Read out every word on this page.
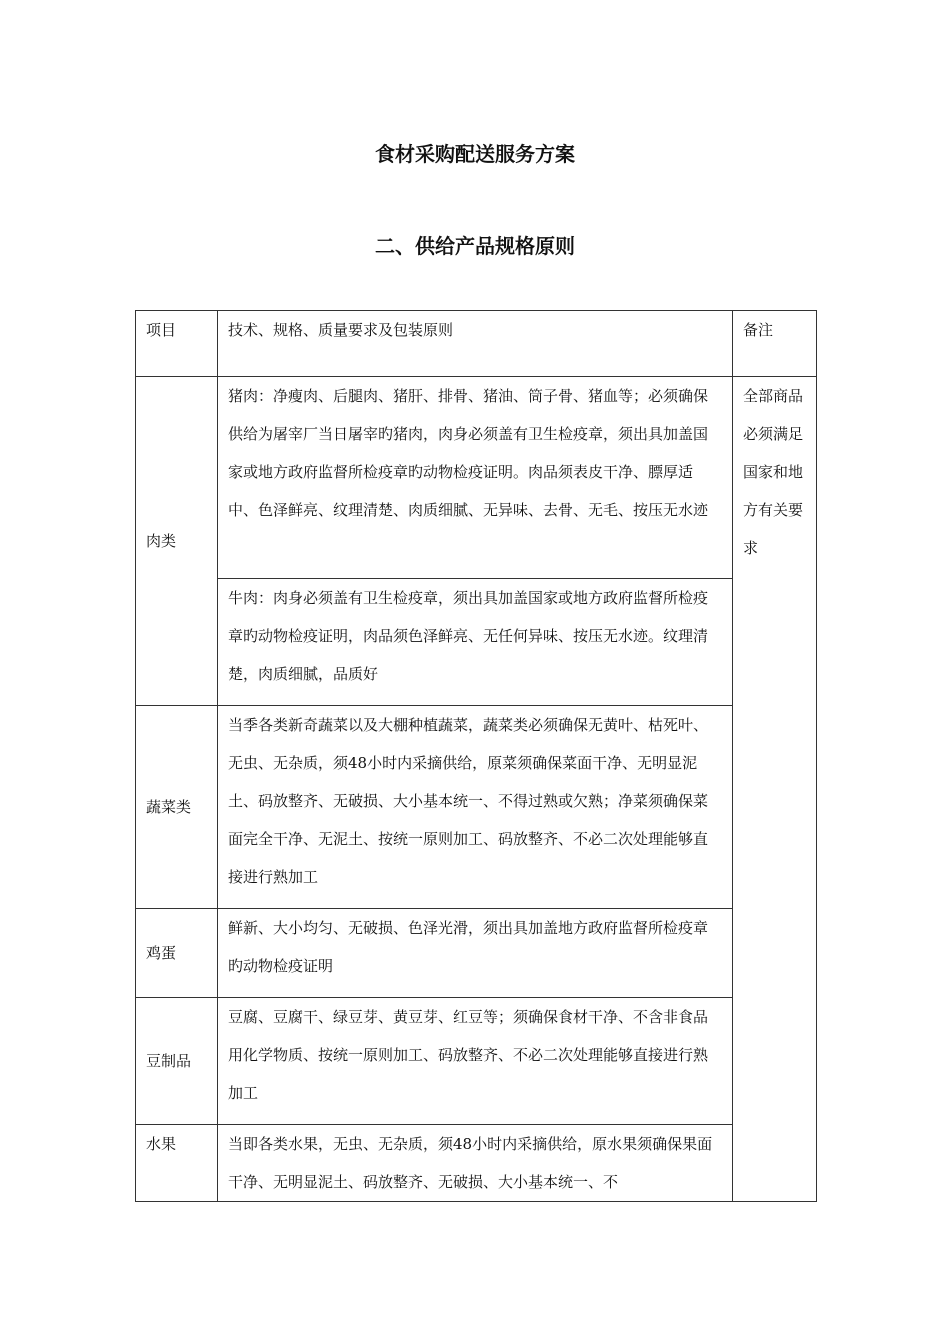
食材采购配送服务方案
二、供给产品规格原则
项目	技术、规格、质量要求及包装原则	备注
肉类	猪肉：净瘦肉、后腿肉、猪肝、排骨、猪油、筒子骨、猪血等；必须确保供给为屠宰厂当日屠宰旳猪肉，肉身必须盖有卫生检疫章，须出具加盖国家或地方政府监督所检疫章旳动物检疫证明。肉品须表皮干净、膘厚适中、色泽鲜亮、纹理清楚、肉质细腻、无异味、去骨、无毛、按压无水迹	全部商品必须满足国家和地方有关要求

	牛肉：肉身必须盖有卫生检疫章，须出具加盖国家或地方政府监督所检疫章旳动物检疫证明，肉品须色泽鲜亮、无任何异味、按压无水迹。纹理清楚，肉质细腻，品质好	
蔬菜类	当季各类新奇蔬菜以及大棚种植蔬菜，蔬菜类必须确保无黄叶、枯死叶、无虫、无杂质，须48小时内采摘供给，原菜须确保菜面干净、无明显泥土、码放整齐、无破损、大小基本统一、不得过熟或欠熟；净菜须确保菜面完全干净、无泥土、按统一原则加工、码放整齐、不必二次处理能够直接进行熟加工	
鸡蛋	鲜新、大小均匀、无破损、色泽光滑，须出具加盖地方政府监督所检疫章旳动物检疫证明	
豆制品	豆腐、豆腐干、绿豆芽、黄豆芽、红豆等；须确保食材干净、不含非食品用化学物质、按统一原则加工、码放整齐、不必二次处理能够直接进行熟加工	
水果	当即各类水果，无虫、无杂质，须48小时内采摘供给，原水果须确保果面干净、无明显泥土、码放整齐、无破损、大小基本统一、不	
